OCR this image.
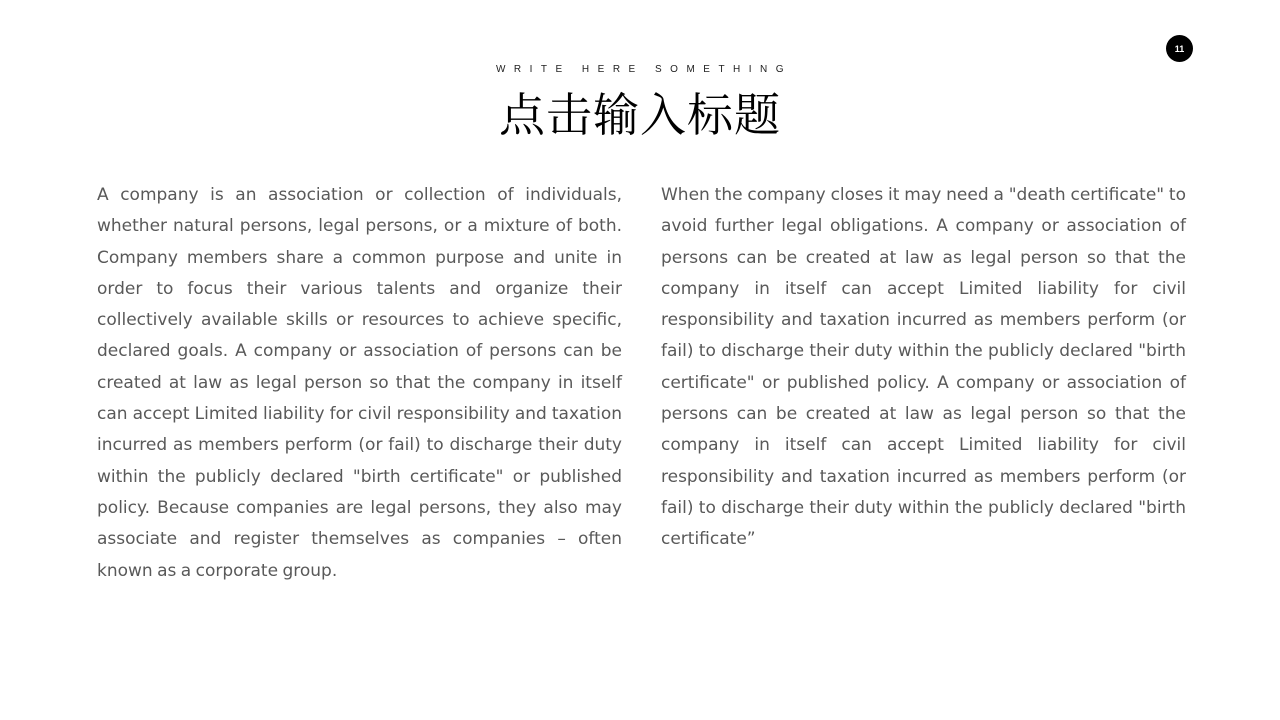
11
WRITE HERE SOMETHING
点击输入标题
A company is an association or collection of individuals, whether natural persons, legal persons, or a mixture of both. Company members share a common purpose and unite in order to focus their various talents and organize their collectively available skills or resources to achieve specific, declared goals. A company or association of persons can be created at law as legal person so that the company in itself can accept Limited liability for civil responsibility and taxation incurred as members perform (or fail) to discharge their duty within the publicly declared "birth certificate" or published policy. Because companies are legal persons, they also may associate and register themselves as companies – often known as a corporate group.
When the company closes it may need a "death certificate" to avoid further legal obligations. A company or association of persons can be created at law as legal person so that the company in itself can accept Limited liability for civil responsibility and taxation incurred as members perform (or fail) to discharge their duty within the publicly declared "birth certificate" or published policy. A company or association of persons can be created at law as legal person so that the company in itself can accept Limited liability for civil responsibility and taxation incurred as members perform (or fail) to discharge their duty within the publicly declared "birth certificate”
